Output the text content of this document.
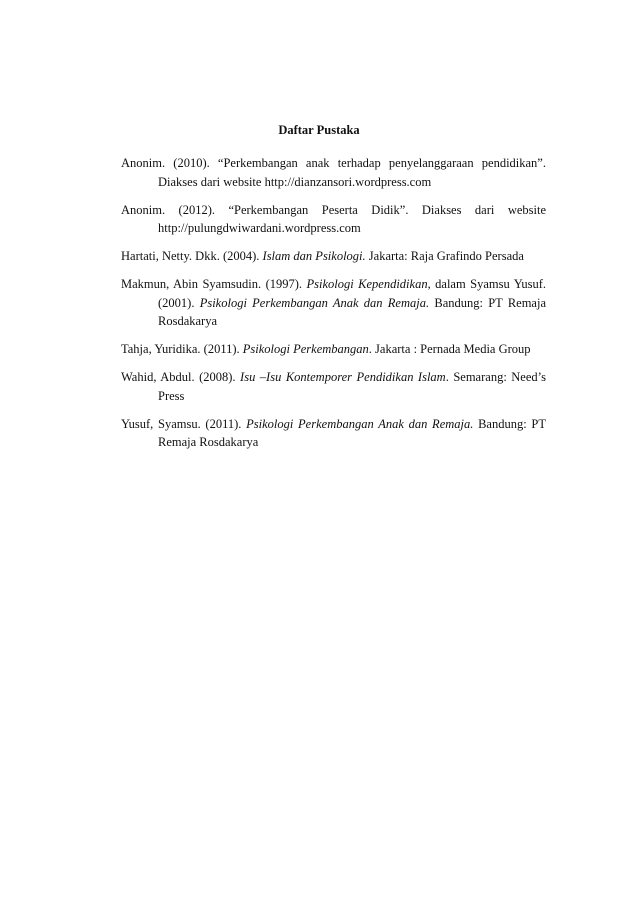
Daftar Pustaka

Anonim. (2010). “Perkembangan anak terhadap penyelanggaraan pendidikan”. Diakses dari website http://dianzansori.wordpress.com

Anonim. (2012). “Perkembangan Peserta Didik”. Diakses dari website http://pulungdwiwardani.wordpress.com

Hartati, Netty. Dkk. (2004). Islam dan Psikologi. Jakarta: Raja Grafindo Persada

Makmun, Abin Syamsudin. (1997). Psikologi Kependidikan, dalam Syamsu Yusuf. (2001). Psikologi Perkembangan Anak dan Remaja. Bandung: PT Remaja Rosdakarya

Tahja, Yuridika. (2011). Psikologi Perkembangan. Jakarta : Pernada Media Group

Wahid, Abdul. (2008). Isu –Isu Kontemporer Pendidikan Islam. Semarang: Need’s Press

Yusuf, Syamsu. (2011). Psikologi Perkembangan Anak dan Remaja. Bandung: PT Remaja Rosdakarya
